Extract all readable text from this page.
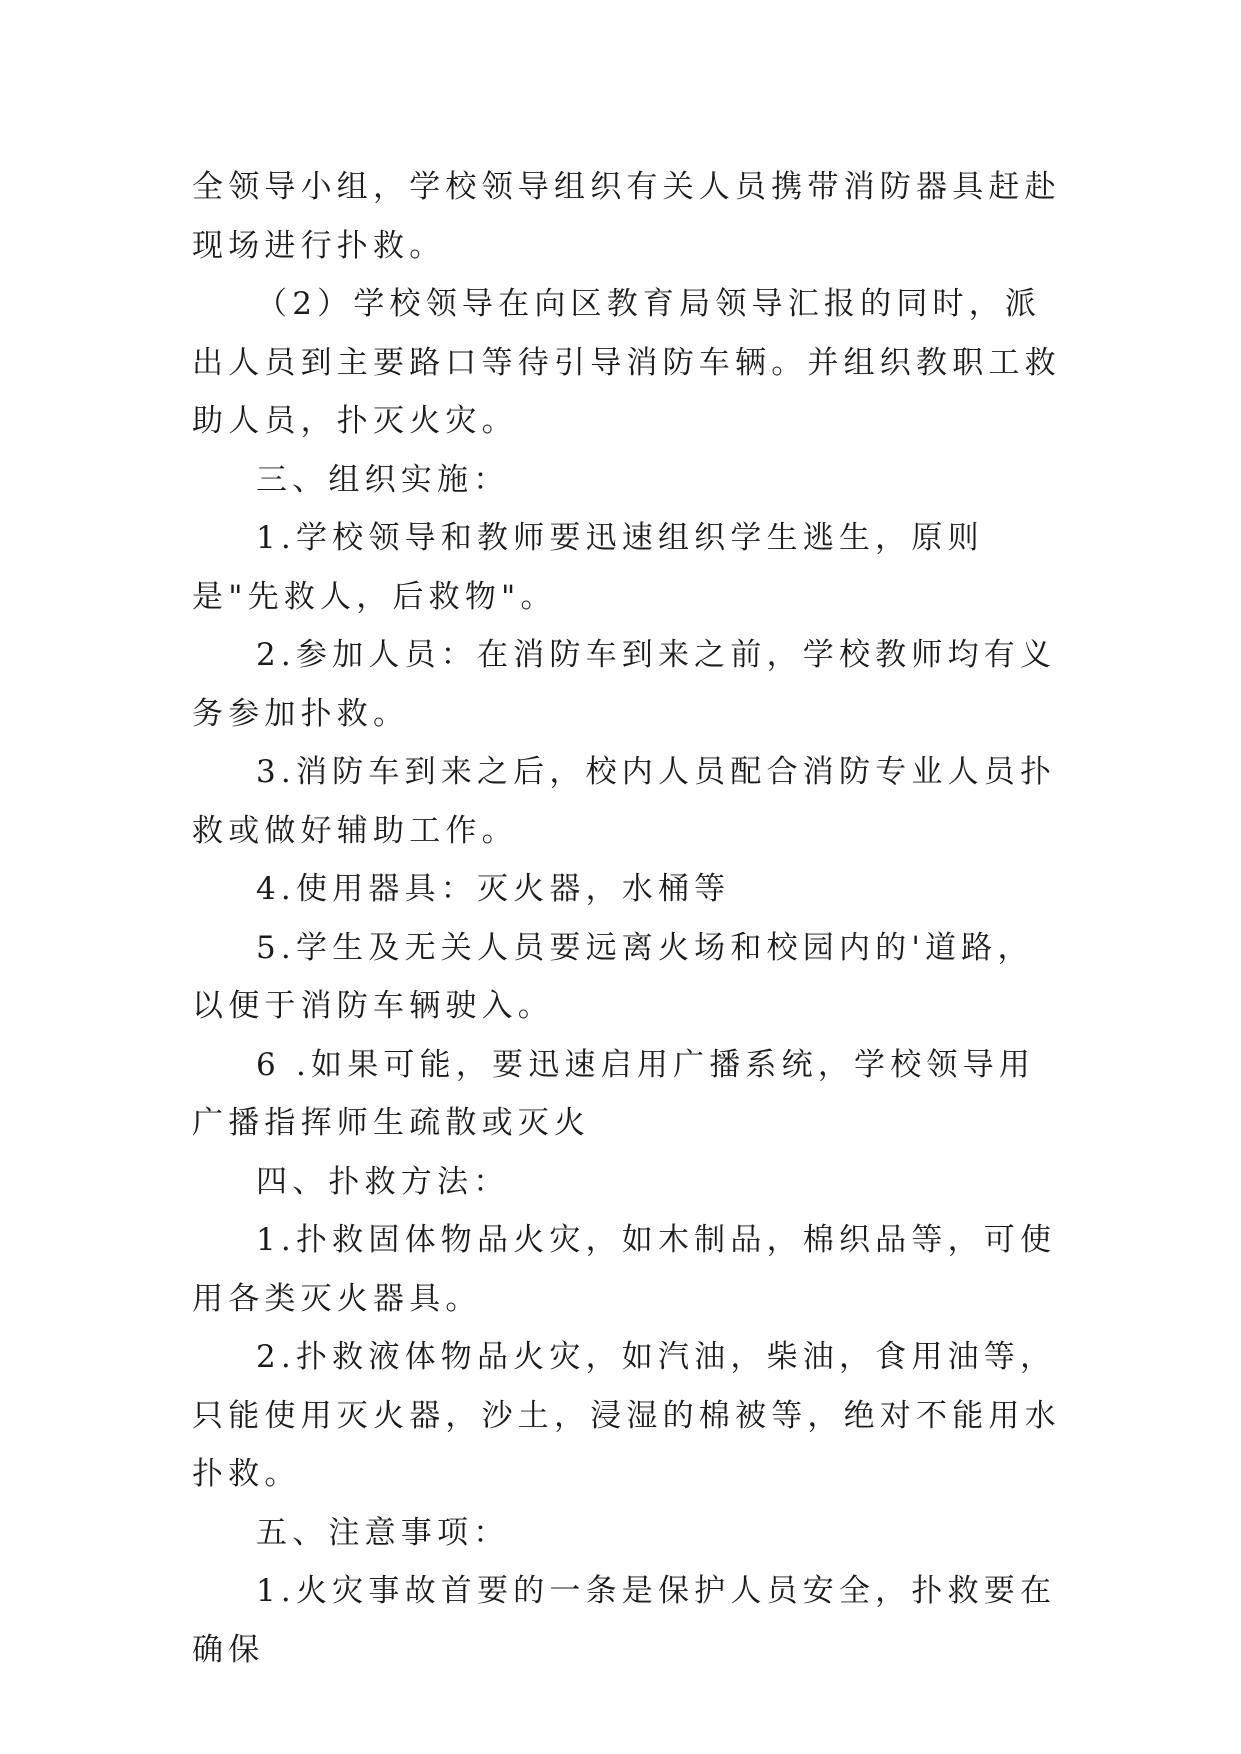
全领导小组，学校领导组织有关人员携带消防器具赶赴现场进行扑救。

（2）学校领导在向区教育局领导汇报的同时，派出人员到主要路口等待引导消防车辆。并组织教职工救助人员，扑灭火灾。

三、组织实施：

1.学校领导和教师要迅速组织学生逃生，原则是"先救人，后救物"。

2.参加人员：在消防车到来之前，学校教师均有义务参加扑救。

3.消防车到来之后，校内人员配合消防专业人员扑救或做好辅助工作。

4.使用器具：灭火器，水桶等

5.学生及无关人员要远离火场和校园内的'道路，以便于消防车辆驶入。

6 .如果可能，要迅速启用广播系统，学校领导用广播指挥师生疏散或灭火

四、扑救方法：

1.扑救固体物品火灾，如木制品，棉织品等，可使用各类灭火器具。

2.扑救液体物品火灾，如汽油，柴油，食用油等，只能使用灭火器，沙土，浸湿的棉被等，绝对不能用水扑救。

五、注意事项：

1.火灾事故首要的一条是保护人员安全，扑救要在确保
